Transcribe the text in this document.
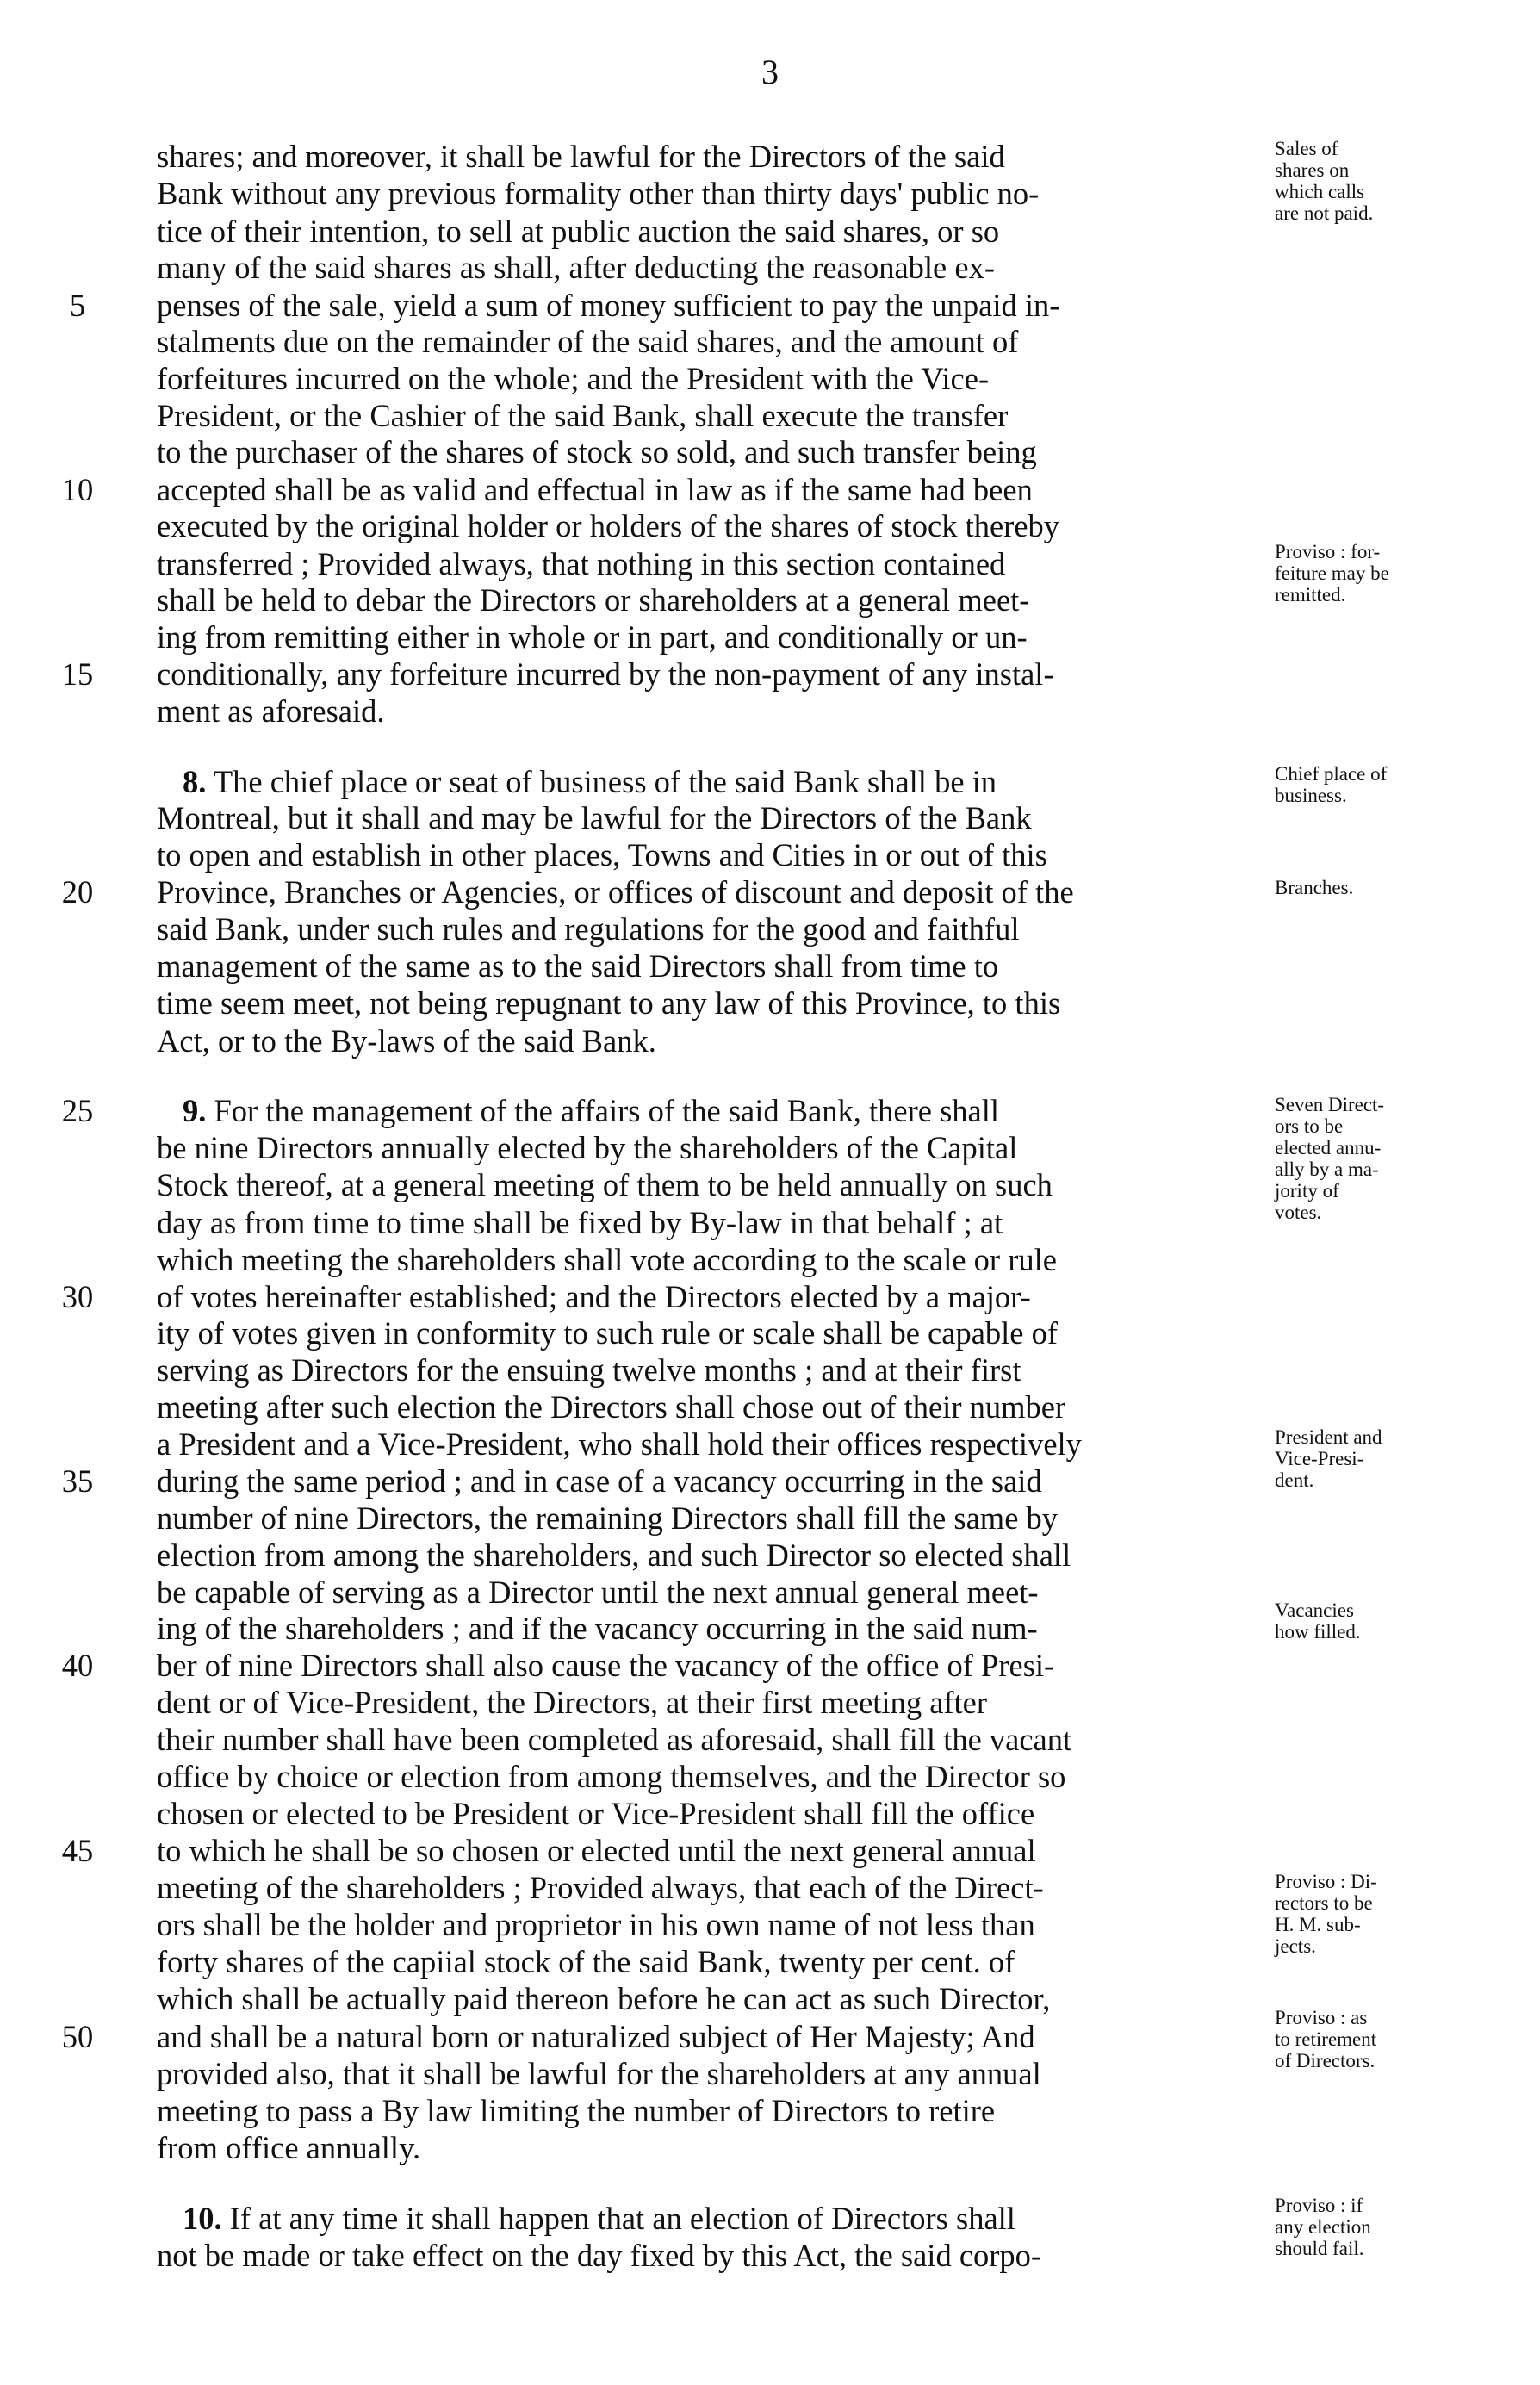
3
shares; and moreover, it shall be lawful for the Directors of the said
Bank without any previous formality other than thirty days' public no-
tice of their intention, to sell at public auction the said shares, or so
many of the said shares as shall, after deducting the reasonable ex-
penses of the sale, yield a sum of money sufficient to pay the unpaid in-
stalments due on the remainder of the said shares, and the amount of
forfeitures incurred on the whole; and the President with the Vice-
President, or the Cashier of the said Bank, shall execute the transfer
to the purchaser of the shares of stock so sold, and such transfer being
accepted shall be as valid and effectual in law as if the same had been
executed by the original holder or holders of the shares of stock thereby
transferred ; Provided always, that nothing in this section contained
shall be held to debar the Directors or shareholders at a general meet-
ing from remitting either in whole or in part, and conditionally or un-
conditionally, any forfeiture incurred by the non-payment of any instal-
ment as aforesaid.
8. The chief place or seat of business of the said Bank shall be in
Montreal, but it shall and may be lawful for the Directors of the Bank
to open and establish in other places, Towns and Cities in or out of this
Province, Branches or Agencies, or offices of discount and deposit of the
said Bank, under such rules and regulations for the good and faithful
management of the same as to the said Directors shall from time to
time seem meet, not being repugnant to any law of this Province, to this
Act, or to the By-laws of the said Bank.
9. For the management of the affairs of the said Bank, there shall
be nine Directors annually elected by the shareholders of the Capital
Stock thereof, at a general meeting of them to be held annually on such
day as from time to time shall be fixed by By-law in that behalf ; at
which meeting the shareholders shall vote according to the scale or rule
of votes hereinafter established; and the Directors elected by a major-
ity of votes given in conformity to such rule or scale shall be capable of
serving as Directors for the ensuing twelve months ; and at their first
meeting after such election the Directors shall chose out of their number
a President and a Vice-President, who shall hold their offices respectively
during the same period ; and in case of a vacancy occurring in the said
number of nine Directors, the remaining Directors shall fill the same by
election from among the shareholders, and such Director so elected shall
be capable of serving as a Director until the next annual general meet-
ing of the shareholders ; and if the vacancy occurring in the said num-
ber of nine Directors shall also cause the vacancy of the office of Presi-
dent or of Vice-President, the Directors, at their first meeting after
their number shall have been completed as aforesaid, shall fill the vacant
office by choice or election from among themselves, and the Director so
chosen or elected to be President or Vice-President shall fill the office
to which he shall be so chosen or elected until the next general annual
meeting of the shareholders ; Provided always, that each of the Direct-
ors shall be the holder and proprietor in his own name of not less than
forty shares of the capiial stock of the said Bank, twenty per cent. of
which shall be actually paid thereon before he can act as such Director,
and shall be a natural born or naturalized subject of Her Majesty; And
provided also, that it shall be lawful for the shareholders at any annual
meeting to pass a By law limiting the number of Directors to retire
from office annually.
10. If at any time it shall happen that an election of Directors shall
not be made or take effect on the day fixed by this Act, the said corpo-
5
10
15
20
25
30
35
40
45
50
Sales of
shares on
which calls
are not paid.
Proviso : for-
feiture may be
remitted.
Chief place of
business.
Branches.
Seven Direct-
ors to be
elected annu-
ally by a ma-
jority of
votes.
President and
Vice-Presi-
dent.
Vacancies
how filled.
Proviso : Di-
rectors to be
H. M. sub-
jects.
Proviso : as
to retirement
of Directors.
Proviso : if
any election
should fail.
